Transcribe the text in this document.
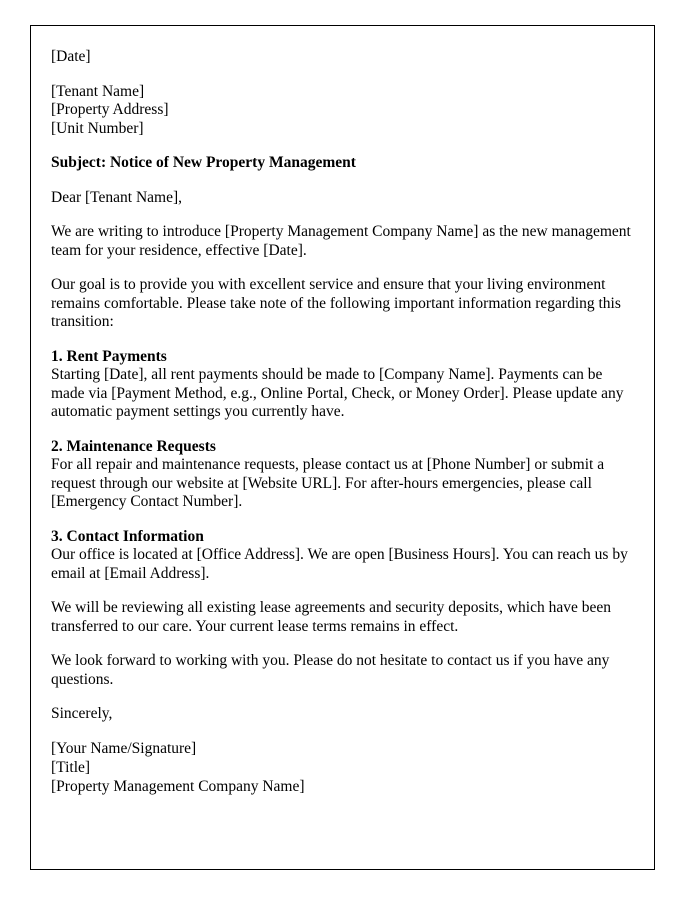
[Date]

[Tenant Name]
[Property Address]
[Unit Number]

Subject: Notice of New Property Management

Dear [Tenant Name],

We are writing to introduce [Property Management Company Name] as the new management team for your residence, effective [Date].

Our goal is to provide you with excellent service and ensure that your living environment remains comfortable. Please take note of the following important information regarding this transition:

1. Rent Payments
Starting [Date], all rent payments should be made to [Company Name]. Payments can be made via [Payment Method, e.g., Online Portal, Check, or Money Order]. Please update any automatic payment settings you currently have.
2. Maintenance Requests
For all repair and maintenance requests, please contact us at [Phone Number] or submit a request through our website at [Website URL]. For after-hours emergencies, please call [Emergency Contact Number].
3. Contact Information
Our office is located at [Office Address]. We are open [Business Hours]. You can reach us by email at [Email Address].

We will be reviewing all existing lease agreements and security deposits, which have been transferred to our care. Your current lease terms remains in effect.

We look forward to working with you. Please do not hesitate to contact us if you have any questions.

Sincerely,

[Your Name/Signature]
[Title]
[Property Management Company Name]
